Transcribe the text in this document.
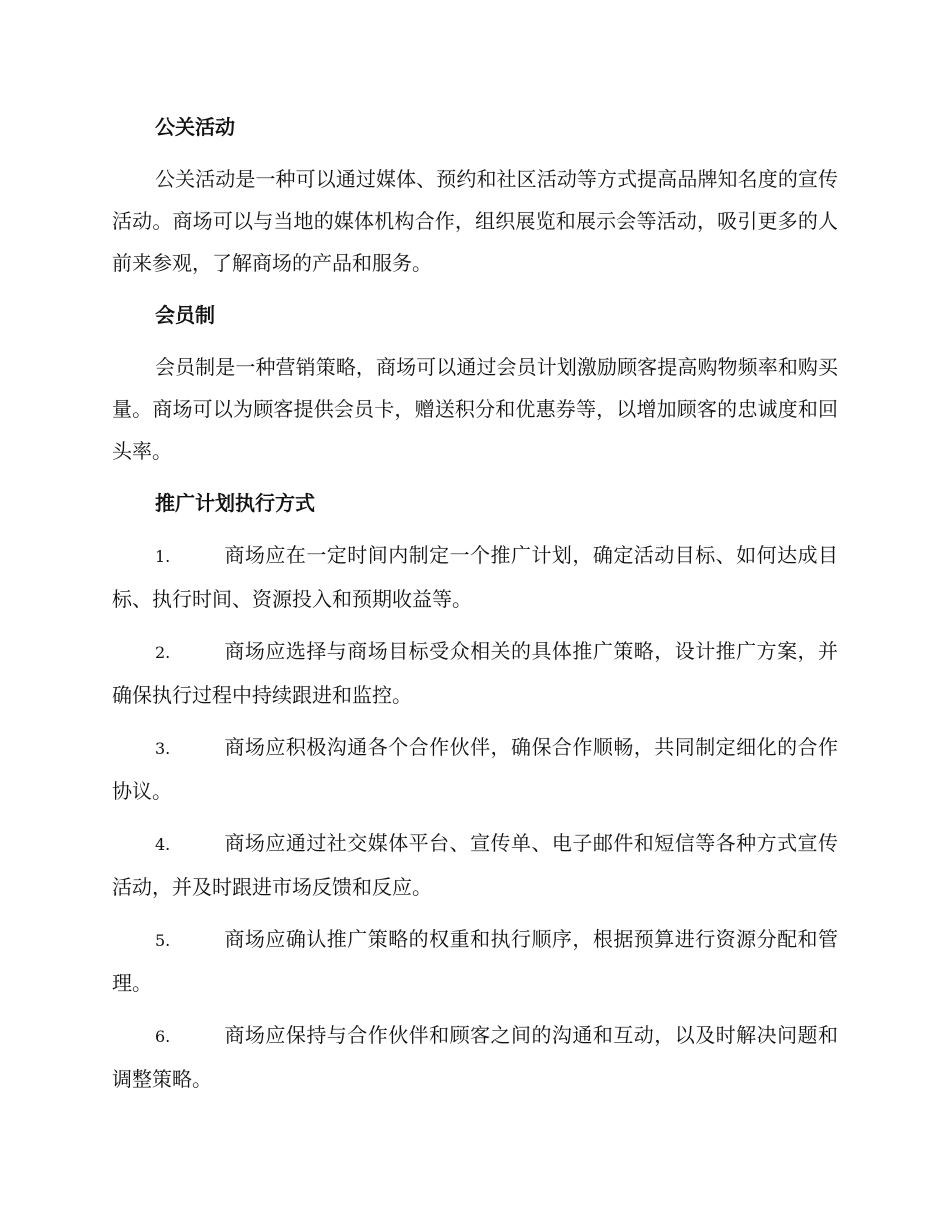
公关活动

公关活动是一种可以通过媒体、预约和社区活动等方式提高品牌知名度的宣传活动。商场可以与当地的媒体机构合作，组织展览和展示会等活动，吸引更多的人前来参观，了解商场的产品和服务。

会员制

会员制是一种营销策略，商场可以通过会员计划激励顾客提高购物频率和购买量。商场可以为顾客提供会员卡，赠送积分和优惠券等，以增加顾客的忠诚度和回头率。

推广计划执行方式

1.	商场应在一定时间内制定一个推广计划，确定活动目标、如何达成目标、执行时间、资源投入和预期收益等。

2.	商场应选择与商场目标受众相关的具体推广策略，设计推广方案，并确保执行过程中持续跟进和监控。

3.	商场应积极沟通各个合作伙伴，确保合作顺畅，共同制定细化的合作协议。

4.	商场应通过社交媒体平台、宣传单、电子邮件和短信等各种方式宣传活动，并及时跟进市场反馈和反应。

5.	商场应确认推广策略的权重和执行顺序，根据预算进行资源分配和管理。

6.	商场应保持与合作伙伴和顾客之间的沟通和互动，以及时解决问题和调整策略。
